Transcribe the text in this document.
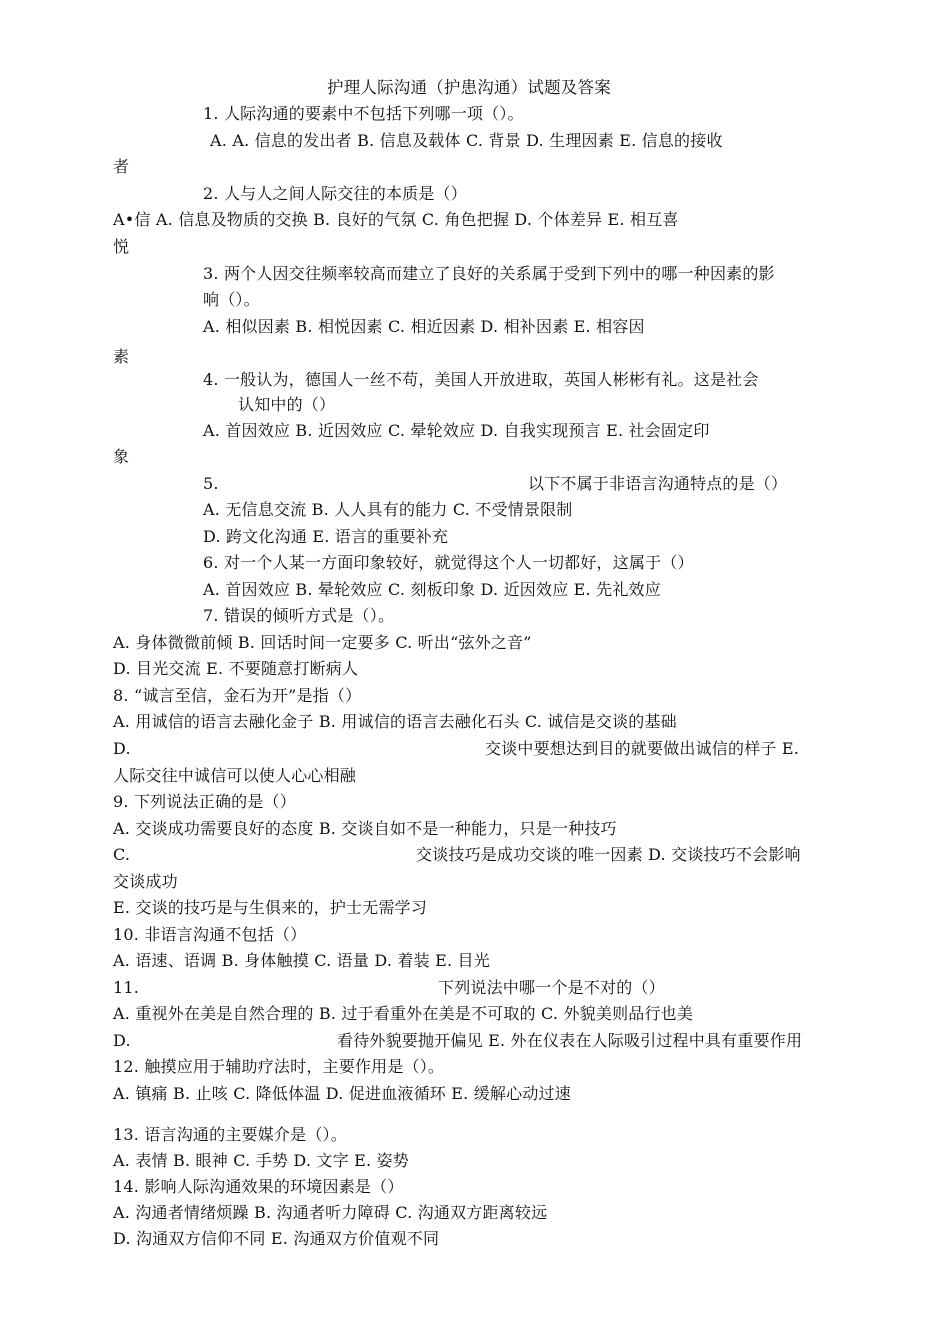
护理人际沟通（护患沟通）试题及答案
1. 人际沟通的要素中不包括下列哪一项（）。
A. A. 信息的发出者 B. 信息及载体 C. 背景 D. 生理因素 E. 信息的接收
者
2. 人与人之间人际交往的本质是（）
A•信 A. 信息及物质的交换 B. 良好的气氛 C. 角色把握 D. 个体差异 E. 相互喜
悦
3. 两个人因交往频率较高而建立了良好的关系属于受到下列中的哪一种因素的影
响（）。
A. 相似因素 B. 相悦因素 C. 相近因素 D. 相补因素 E. 相容因
素
4. 一般认为，德国人一丝不苟，美国人开放进取，英国人彬彬有礼。这是社会
认知中的（）
A. 首因效应 B. 近因效应 C. 晕轮效应 D. 自我实现预言 E. 社会固定印
象
5.	以下不属于非语言沟通特点的是（）
A. 无信息交流 B. 人人具有的能力 C. 不受情景限制
D. 跨文化沟通 E. 语言的重要补充
6. 对一个人某一方面印象较好，就觉得这个人一切都好，这属于（）
A. 首因效应 B. 晕轮效应 C. 刻板印象 D. 近因效应 E. 先礼效应
7. 错误的倾听方式是（）。
A. 身体微微前倾 B. 回话时间一定要多 C. 听出“弦外之音”
D. 目光交流 E. 不要随意打断病人
8. “诚言至信，金石为开”是指（）
A. 用诚信的语言去融化金子 B. 用诚信的语言去融化石头 C. 诚信是交谈的基础
D.	交谈中要想达到目的就要做出诚信的样子 E.
人际交往中诚信可以使人心心相融
9. 下列说法正确的是（）
A. 交谈成功需要良好的态度 B. 交谈自如不是一种能力，只是一种技巧
C.	交谈技巧是成功交谈的唯一因素 D. 交谈技巧不会影响
交谈成功
E. 交谈的技巧是与生俱来的，护士无需学习
10. 非语言沟通不包括（）
A. 语速、语调 B. 身体触摸 C. 语量 D. 着装 E. 目光
11.	下列说法中哪一个是不对的（）
A. 重视外在美是自然合理的 B. 过于看重外在美是不可取的 C. 外貌美则品行也美
D.	看待外貌要抛开偏见 E. 外在仪表在人际吸引过程中具有重要作用
12. 触摸应用于辅助疗法时，主要作用是（）。
A. 镇痛 B. 止咳 C. 降低体温 D. 促进血液循环 E. 缓解心动过速
13. 语言沟通的主要媒介是（）。
A. 表情 B. 眼神 C. 手势 D. 文字 E. 姿势
14. 影响人际沟通效果的环境因素是（）
A. 沟通者情绪烦躁 B. 沟通者听力障碍 C. 沟通双方距离较远
D. 沟通双方信仰不同 E. 沟通双方价值观不同
